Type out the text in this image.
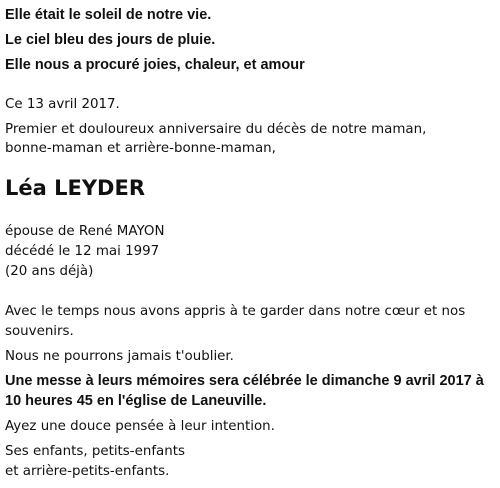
Elle était le soleil de notre vie.
Le ciel bleu des jours de pluie.
Elle nous a procuré joies, chaleur, et amour
Ce 13 avril 2017.
Premier et douloureux anniversaire du décès de notre maman,
bonne-maman et arrière-bonne-maman,
Léa LEYDER
épouse de René MAYON
décédé le 12 mai 1997
(20 ans déjà)
Avec le temps nous avons appris à te garder dans notre cœur et nos
souvenirs.
Nous ne pourrons jamais t'oublier.
Une messe à leurs mémoires sera célébrée le dimanche 9 avril 2017 à
10 heures 45 en l'église de Laneuville.
Ayez une douce pensée à leur intention.
Ses enfants, petits-enfants
et arrière-petits-enfants.
